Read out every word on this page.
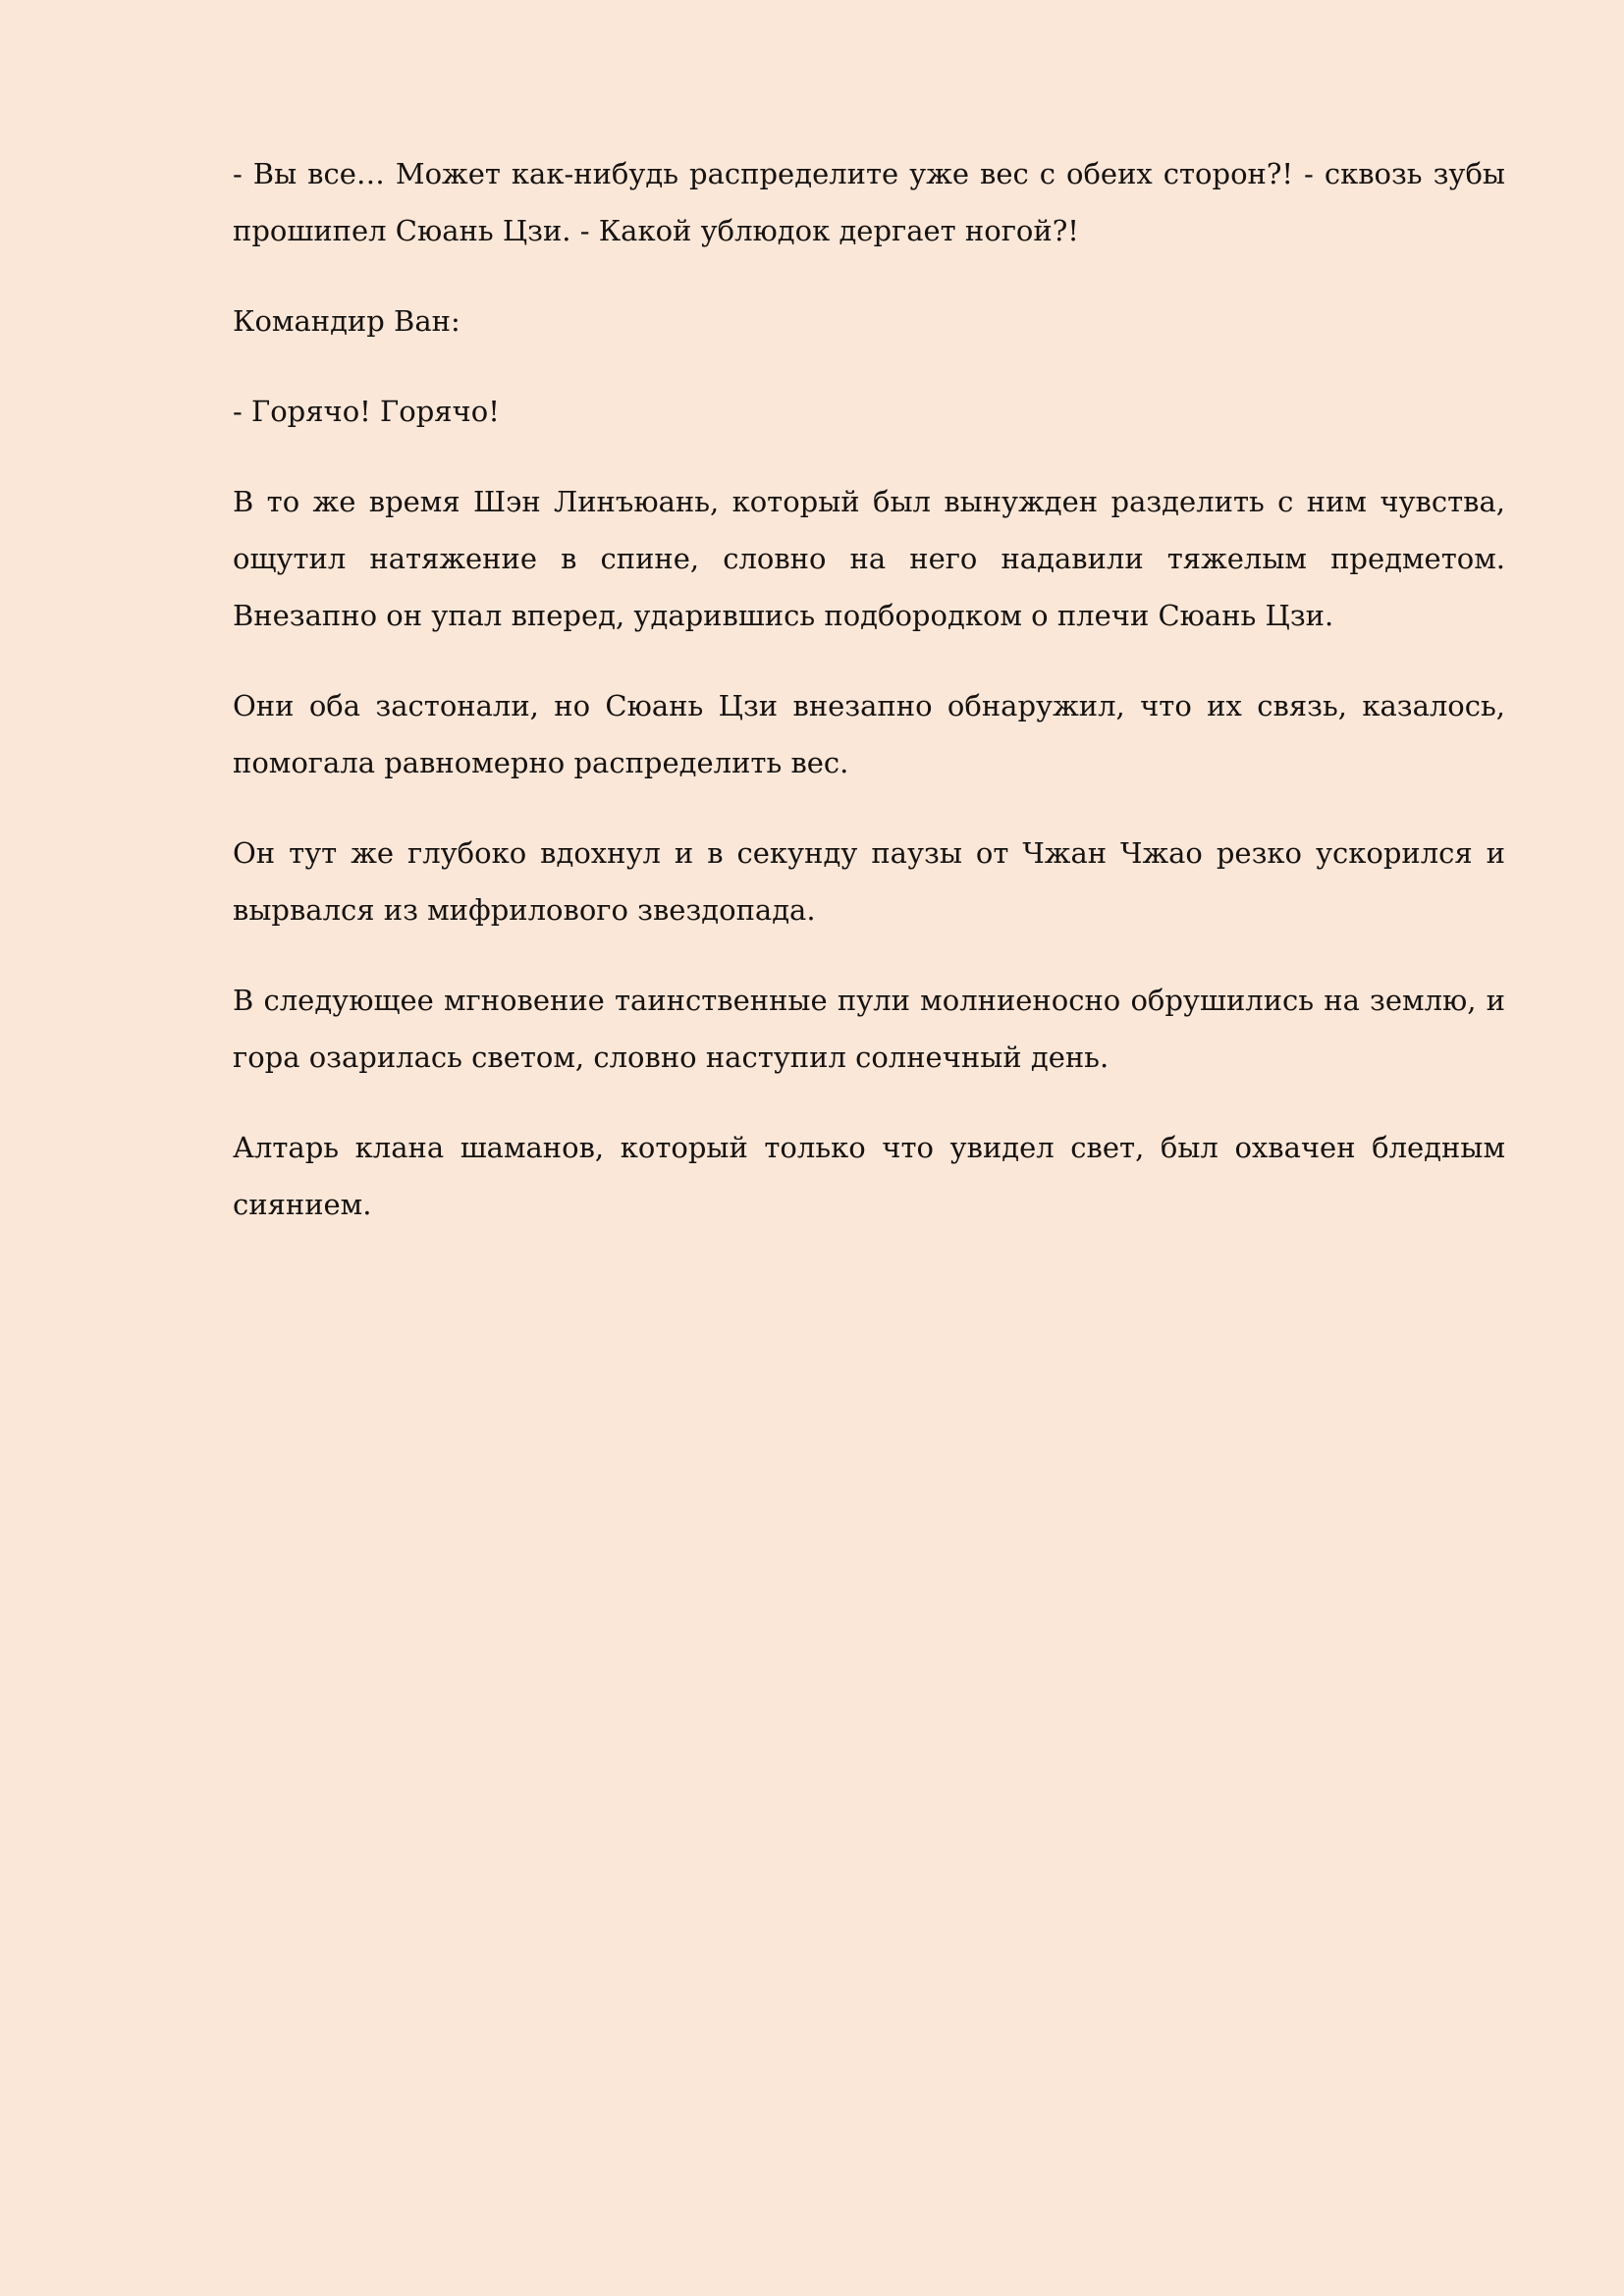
- Вы все… Может как-нибудь распределите уже вес с обеих сторон?! - сквозь зубы прошипел Сюань Цзи. - Какой ублюдок дергает ногой?!

Командир Ван:

- Горячо! Горячо!

В то же время Шэн Линъюань, который был вынужден разделить с ним чувства, ощутил натяжение в спине, словно на него надавили тяжелым предметом. Внезапно он упал вперед, ударившись подбородком о плечи Сюань Цзи.

Они оба застонали, но Сюань Цзи внезапно обнаружил, что их связь, казалось, помогала равномерно распределить вес.

Он тут же глубоко вдохнул и в секунду паузы от Чжан Чжао резко ускорился и вырвался из мифрилового звездопада.

В следующее мгновение таинственные пули молниеносно обрушились на землю, и гора озарилась светом, словно наступил солнечный день.

Алтарь клана шаманов, который только что увидел свет, был охвачен бледным сиянием.
